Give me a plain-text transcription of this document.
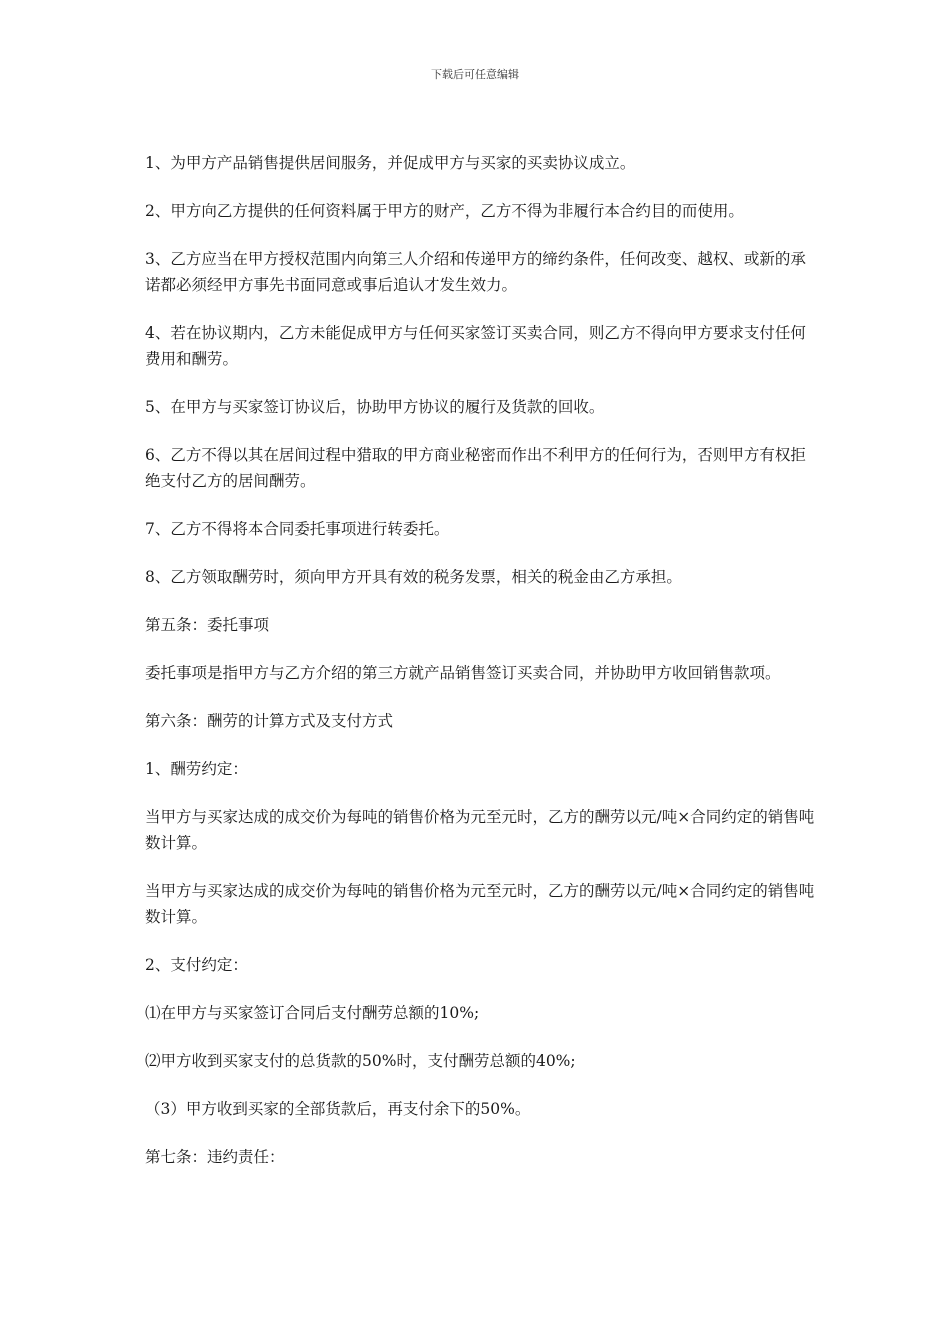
下载后可任意编辑

1、为甲方产品销售提供居间服务，并促成甲方与买家的买卖协议成立。

2、甲方向乙方提供的任何资料属于甲方的财产，乙方不得为非履行本合约目的而使用。

3、乙方应当在甲方授权范围内向第三人介绍和传递甲方的缔约条件，任何改变、越权、或新的承诺都必须经甲方事先书面同意或事后追认才发生效力。

4、若在协议期内，乙方未能促成甲方与任何买家签订买卖合同，则乙方不得向甲方要求支付任何费用和酬劳。

5、在甲方与买家签订协议后，协助甲方协议的履行及货款的回收。

6、乙方不得以其在居间过程中猎取的甲方商业秘密而作出不利甲方的任何行为，否则甲方有权拒绝支付乙方的居间酬劳。

7、乙方不得将本合同委托事项进行转委托。

8、乙方领取酬劳时，须向甲方开具有效的税务发票，相关的税金由乙方承担。

第五条：委托事项

委托事项是指甲方与乙方介绍的第三方就产品销售签订买卖合同，并协助甲方收回销售款项。

第六条：酬劳的计算方式及支付方式

1、酬劳约定：

当甲方与买家达成的成交价为每吨的销售价格为元至元时，乙方的酬劳以元/吨×合同约定的销售吨数计算。

当甲方与买家达成的成交价为每吨的销售价格为元至元时，乙方的酬劳以元/吨×合同约定的销售吨数计算。

2、支付约定：

⑴在甲方与买家签订合同后支付酬劳总额的10%;

⑵甲方收到买家支付的总货款的50%时，支付酬劳总额的40%;

（3）甲方收到买家的全部货款后，再支付余下的50%。

第七条：违约责任：
